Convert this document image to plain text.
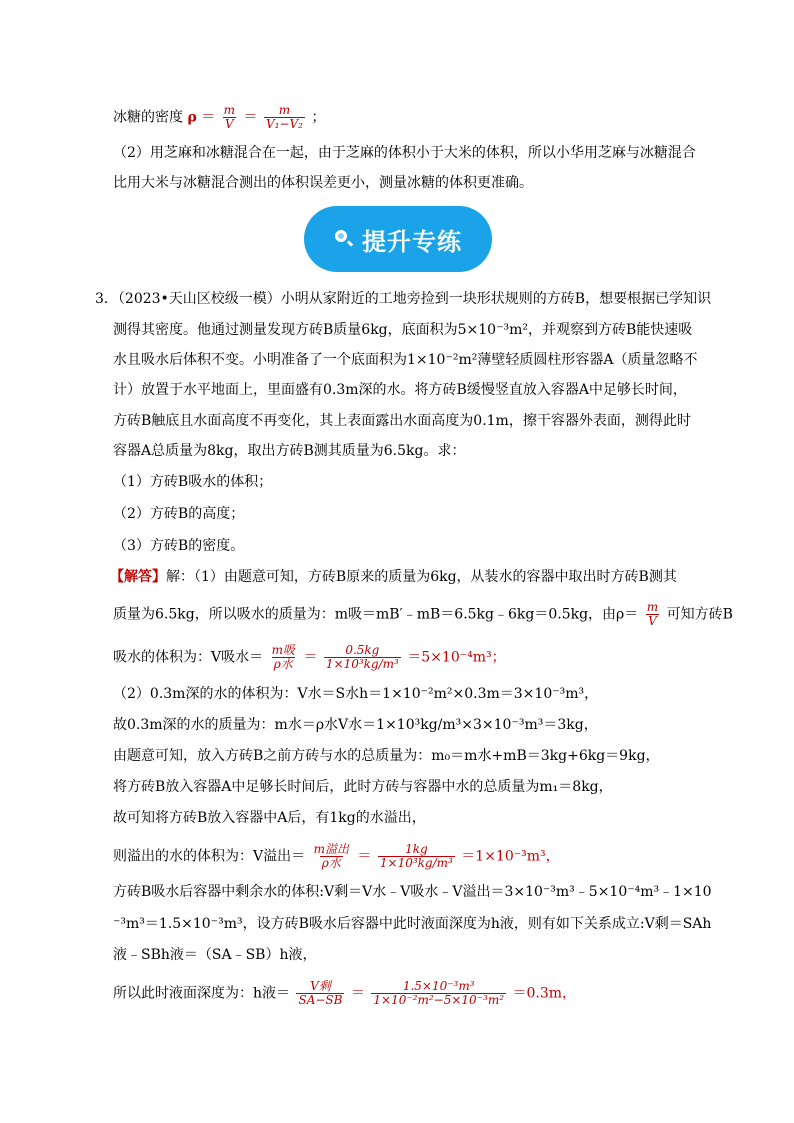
冰糖的密度 $\rho = \frac{m}{V} = \frac{m}{\text{V₁−V₂}}$ ；
（2）用芝麻和冰糖混合在一起，由于芝麻的体积小于大米的体积，所以小华用芝麻与冰糖混合
比用大米与冰糖混合测出的体积误差更小，测量冰糖的体积更准确。
提升专练
3．（2023•天山区校级一模）小明从家附近的工地旁捡到一块形状规则的方砖B，想要根据已学知识
测得其密度。他通过测量发现方砖B质量6kg，底面积为5×10⁻³m²，并观察到方砖B能快速吸
水且吸水后体积不变。小明准备了一个底面积为1×10⁻²m²薄壁轻质圆柱形容器A（质量忽略不
计）放置于水平地面上，里面盛有0.3m深的水。将方砖B缓慢竖直放入容器A中足够长时间，
方砖B触底且水面高度不再变化，其上表面露出水面高度为0.1m，擦干容器外表面，测得此时
容器A总质量为8kg，取出方砖B测其质量为6.5kg。求：
（1）方砖B吸水的体积；
（2）方砖B的高度；
（3）方砖B的密度。
【解答】解：（1）由题意可知，方砖B原来的质量为6kg，从装水的容器中取出时方砖B测其
质量为6.5kg，所以吸水的质量为：m吸＝mB′﹣mB＝6.5kg﹣6kg＝0.5kg，由$\rho= \frac{m}{V}$ 可知方砖B
吸水的体积为：V吸水＝ $\frac{\text{m吸}}{\text{ρ水}} = \frac{0.5kg}{\text{1×10³kg/m³}} =5\times 10^{-4}m^3$；
（2）0.3m深的水的体积为：V水＝S水h＝1×10⁻²m²×0.3m＝3×10⁻³m³，
故0.3m深的水的质量为：m水＝ρ水V水＝1×10³kg/m³×3×10⁻³m³＝3kg，
由题意可知，放入方砖B之前方砖与水的总质量为：m₀＝m水+mB＝3kg+6kg＝9kg，
将方砖B放入容器A中足够长时间后，此时方砖与容器中水的总质量为m₁＝8kg，
故可知将方砖B放入容器中A后，有1kg的水溢出，
则溢出的水的体积为：V溢出＝ $\frac{\text{m溢出}}{\text{ρ水}} = \frac{1kg}{\text{1×10³kg/m³}} =1\times 10^{-3}m^3$，
方砖B吸水后容器中剩余水的体积:V剩＝V水﹣V吸水﹣V溢出＝3×10⁻³m³﹣5×10⁻⁴m³﹣1×10
⁻³m³＝1.5×10⁻³m³，设方砖B吸水后容器中此时液面深度为h液，则有如下关系成立:V剩＝SAh
液﹣SBh液＝（SA﹣SB）h液，
所以此时液面深度为：h液＝ $\frac{\text{V剩}}{SA-SB} = \frac{\text{1.5×10⁻³m³}}{\text{1×10⁻²m²−5×10⁻³m²}} =0.3m$，
